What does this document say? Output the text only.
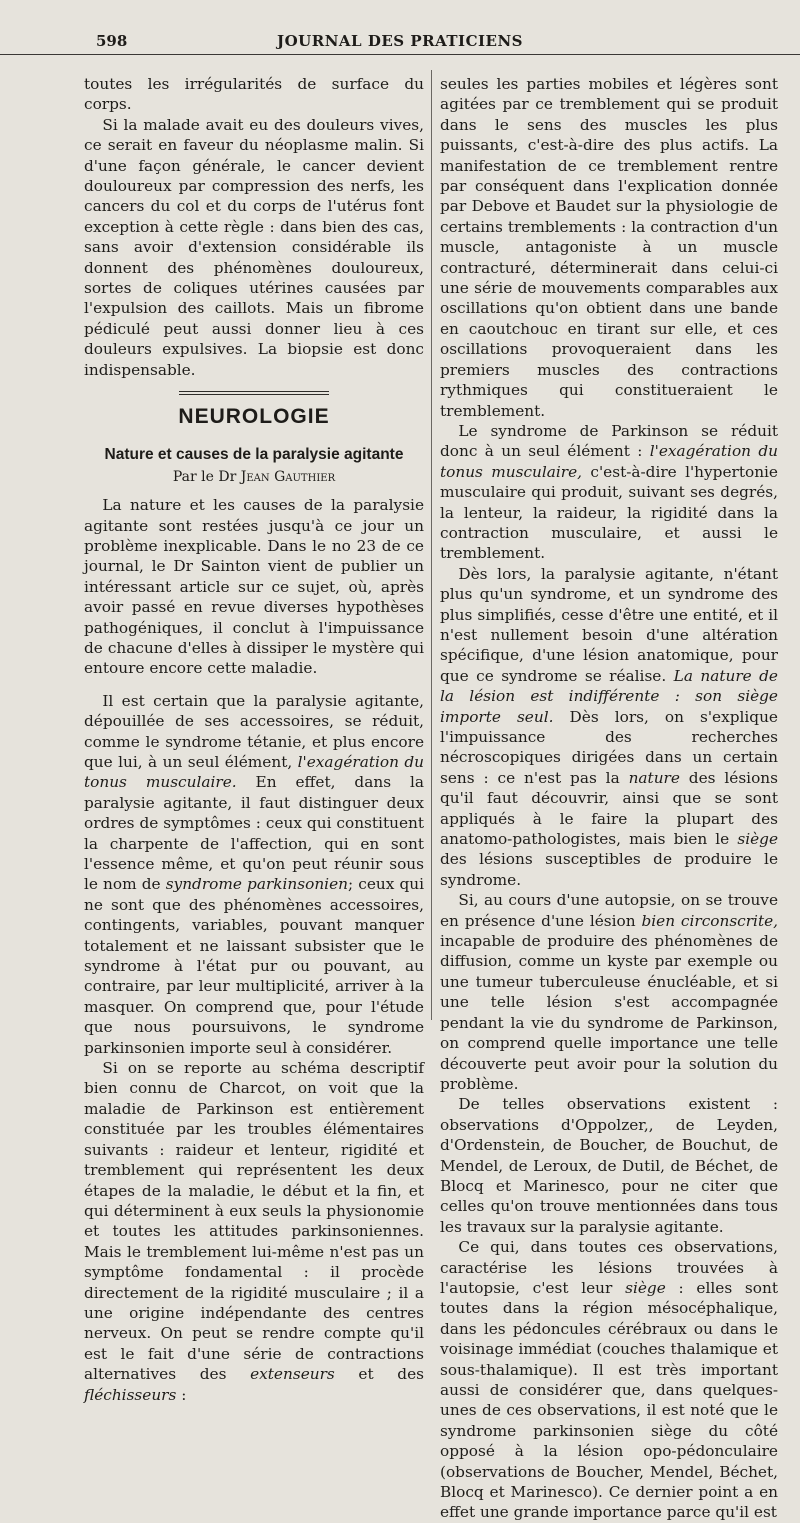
598	JOURNAL DES PRATICIENS

toutes les irrégularités de surface du corps.

Si la malade avait eu des douleurs vives, ce serait en faveur du néoplasme malin. Si d'une façon générale, le cancer devient douloureux par compression des nerfs, les cancers du col et du corps de l'utérus font exception à cette règle : dans bien des cas, sans avoir d'extension considérable ils donnent des phénomènes douloureux, sortes de coliques utérines causées par l'expulsion des caillots. Mais un fibrome pédiculé peut aussi donner lieu à ces douleurs expulsives. La biopsie est donc indispensable.

NEUROLOGIE
Nature et causes de la paralysie agitante
Par le Dr Jean Gauthier

La nature et les causes de la paralysie agitante sont restées jusqu'à ce jour un problème inexplicable. Dans le no 23 de ce journal, le Dr Sainton vient de publier un intéressant article sur ce sujet, où, après avoir passé en revue diverses hypothèses pathogéniques, il conclut à l'impuissance de chacune d'elles à dissiper le mystère qui entoure encore cette maladie.

Il est certain que la paralysie agitante, dépouillée de ses accessoires, se réduit, comme le syndrome tétanie, et plus encore que lui, à un seul élément, l'exagération du tonus musculaire. En effet, dans la paralysie agitante, il faut distinguer deux ordres de symptômes : ceux qui constituent la charpente de l'affection, qui en sont l'essence même, et qu'on peut réunir sous le nom de syndrome parkinsonien; ceux qui ne sont que des phénomènes accessoires, contingents, variables, pouvant manquer totalement et ne laissant subsister que le syndrome à l'état pur ou pouvant, au contraire, par leur multiplicité, arriver à la masquer. On comprend que, pour l'étude que nous poursuivons, le syndrome parkinsonien importe seul à considérer.

Si on se reporte au schéma descriptif bien connu de Charcot, on voit que la maladie de Parkinson est entièrement constituée par les troubles élémentaires suivants : raideur et lenteur, rigidité et tremblement qui représentent les deux étapes de la maladie, le début et la fin, et qui déterminent à eux seuls la physionomie et toutes les attitudes parkinsoniennes. Mais le tremblement lui-même n'est pas un symptôme fondamental : il procède directement de la rigidité musculaire ; il a une origine indépendante des centres nerveux. On peut se rendre compte qu'il est le fait d'une série de contractions alternatives des extenseurs et des fléchisseurs :

seules les parties mobiles et légères sont agitées par ce tremblement qui se produit dans le sens des muscles les plus puissants, c'est-à-dire des plus actifs. La manifestation de ce tremblement rentre par conséquent dans l'explication donnée par Debove et Baudet sur la physiologie de certains tremblements : la contraction d'un muscle, antagoniste à un muscle contracturé, déterminerait dans celui-ci une série de mouvements comparables aux oscillations qu'on obtient dans une bande en caoutchouc en tirant sur elle, et ces oscillations provoqueraient dans les premiers muscles des contractions rythmiques qui constitueraient le tremblement.

Le syndrome de Parkinson se réduit donc à un seul élément : l'exagération du tonus musculaire, c'est-à-dire l'hypertonie musculaire qui produit, suivant ses degrés, la lenteur, la raideur, la rigidité dans la contraction musculaire, et aussi le tremblement.

Dès lors, la paralysie agitante, n'étant plus qu'un syndrome, et un syndrome des plus simplifiés, cesse d'être une entité, et il n'est nullement besoin d'une altération spécifique, d'une lésion anatomique, pour que ce syndrome se réalise. La nature de la lésion est indifférente : son siège importe seul. Dès lors, on s'explique l'impuissance des recherches nécroscopiques dirigées dans un certain sens : ce n'est pas la nature des lésions qu'il faut découvrir, ainsi que se sont appliqués à le faire la plupart des anatomo-pathologistes, mais bien le siège des lésions susceptibles de produire le syndrome.

Si, au cours d'une autopsie, on se trouve en présence d'une lésion bien circonscrite, incapable de produire des phénomènes de diffusion, comme un kyste par exemple ou une tumeur tuberculeuse énucléable, et si une telle lésion s'est accompagnée pendant la vie du syndrome de Parkinson, on comprend quelle importance une telle découverte peut avoir pour la solution du problème.

De telles observations existent : observations d'Oppolzer,, de Leyden, d'Ordenstein, de Boucher, de Bouchut, de Mendel, de Leroux, de Dutil, de Béchet, de Blocq et Marinesco, pour ne citer que celles qu'on trouve mentionnées dans tous les travaux sur la paralysie agitante.

Ce qui, dans toutes ces observations, caractérise les lésions trouvées à l'autopsie, c'est leur siège : elles sont toutes dans la région mésocéphalique, dans les pédoncules cérébraux ou dans le voisinage immédiat (couches thalamique et sous-thalamique). Il est très important aussi de considérer que, dans quelques-unes de ces observations, il est noté que le syndrome parkinsonien siège du côté opposé à la lésion opo-pédonculaire (observations de Boucher, Mendel, Béchet, Blocq et Marinesco). Ce dernier point a en effet une grande importance parce qu'il est
